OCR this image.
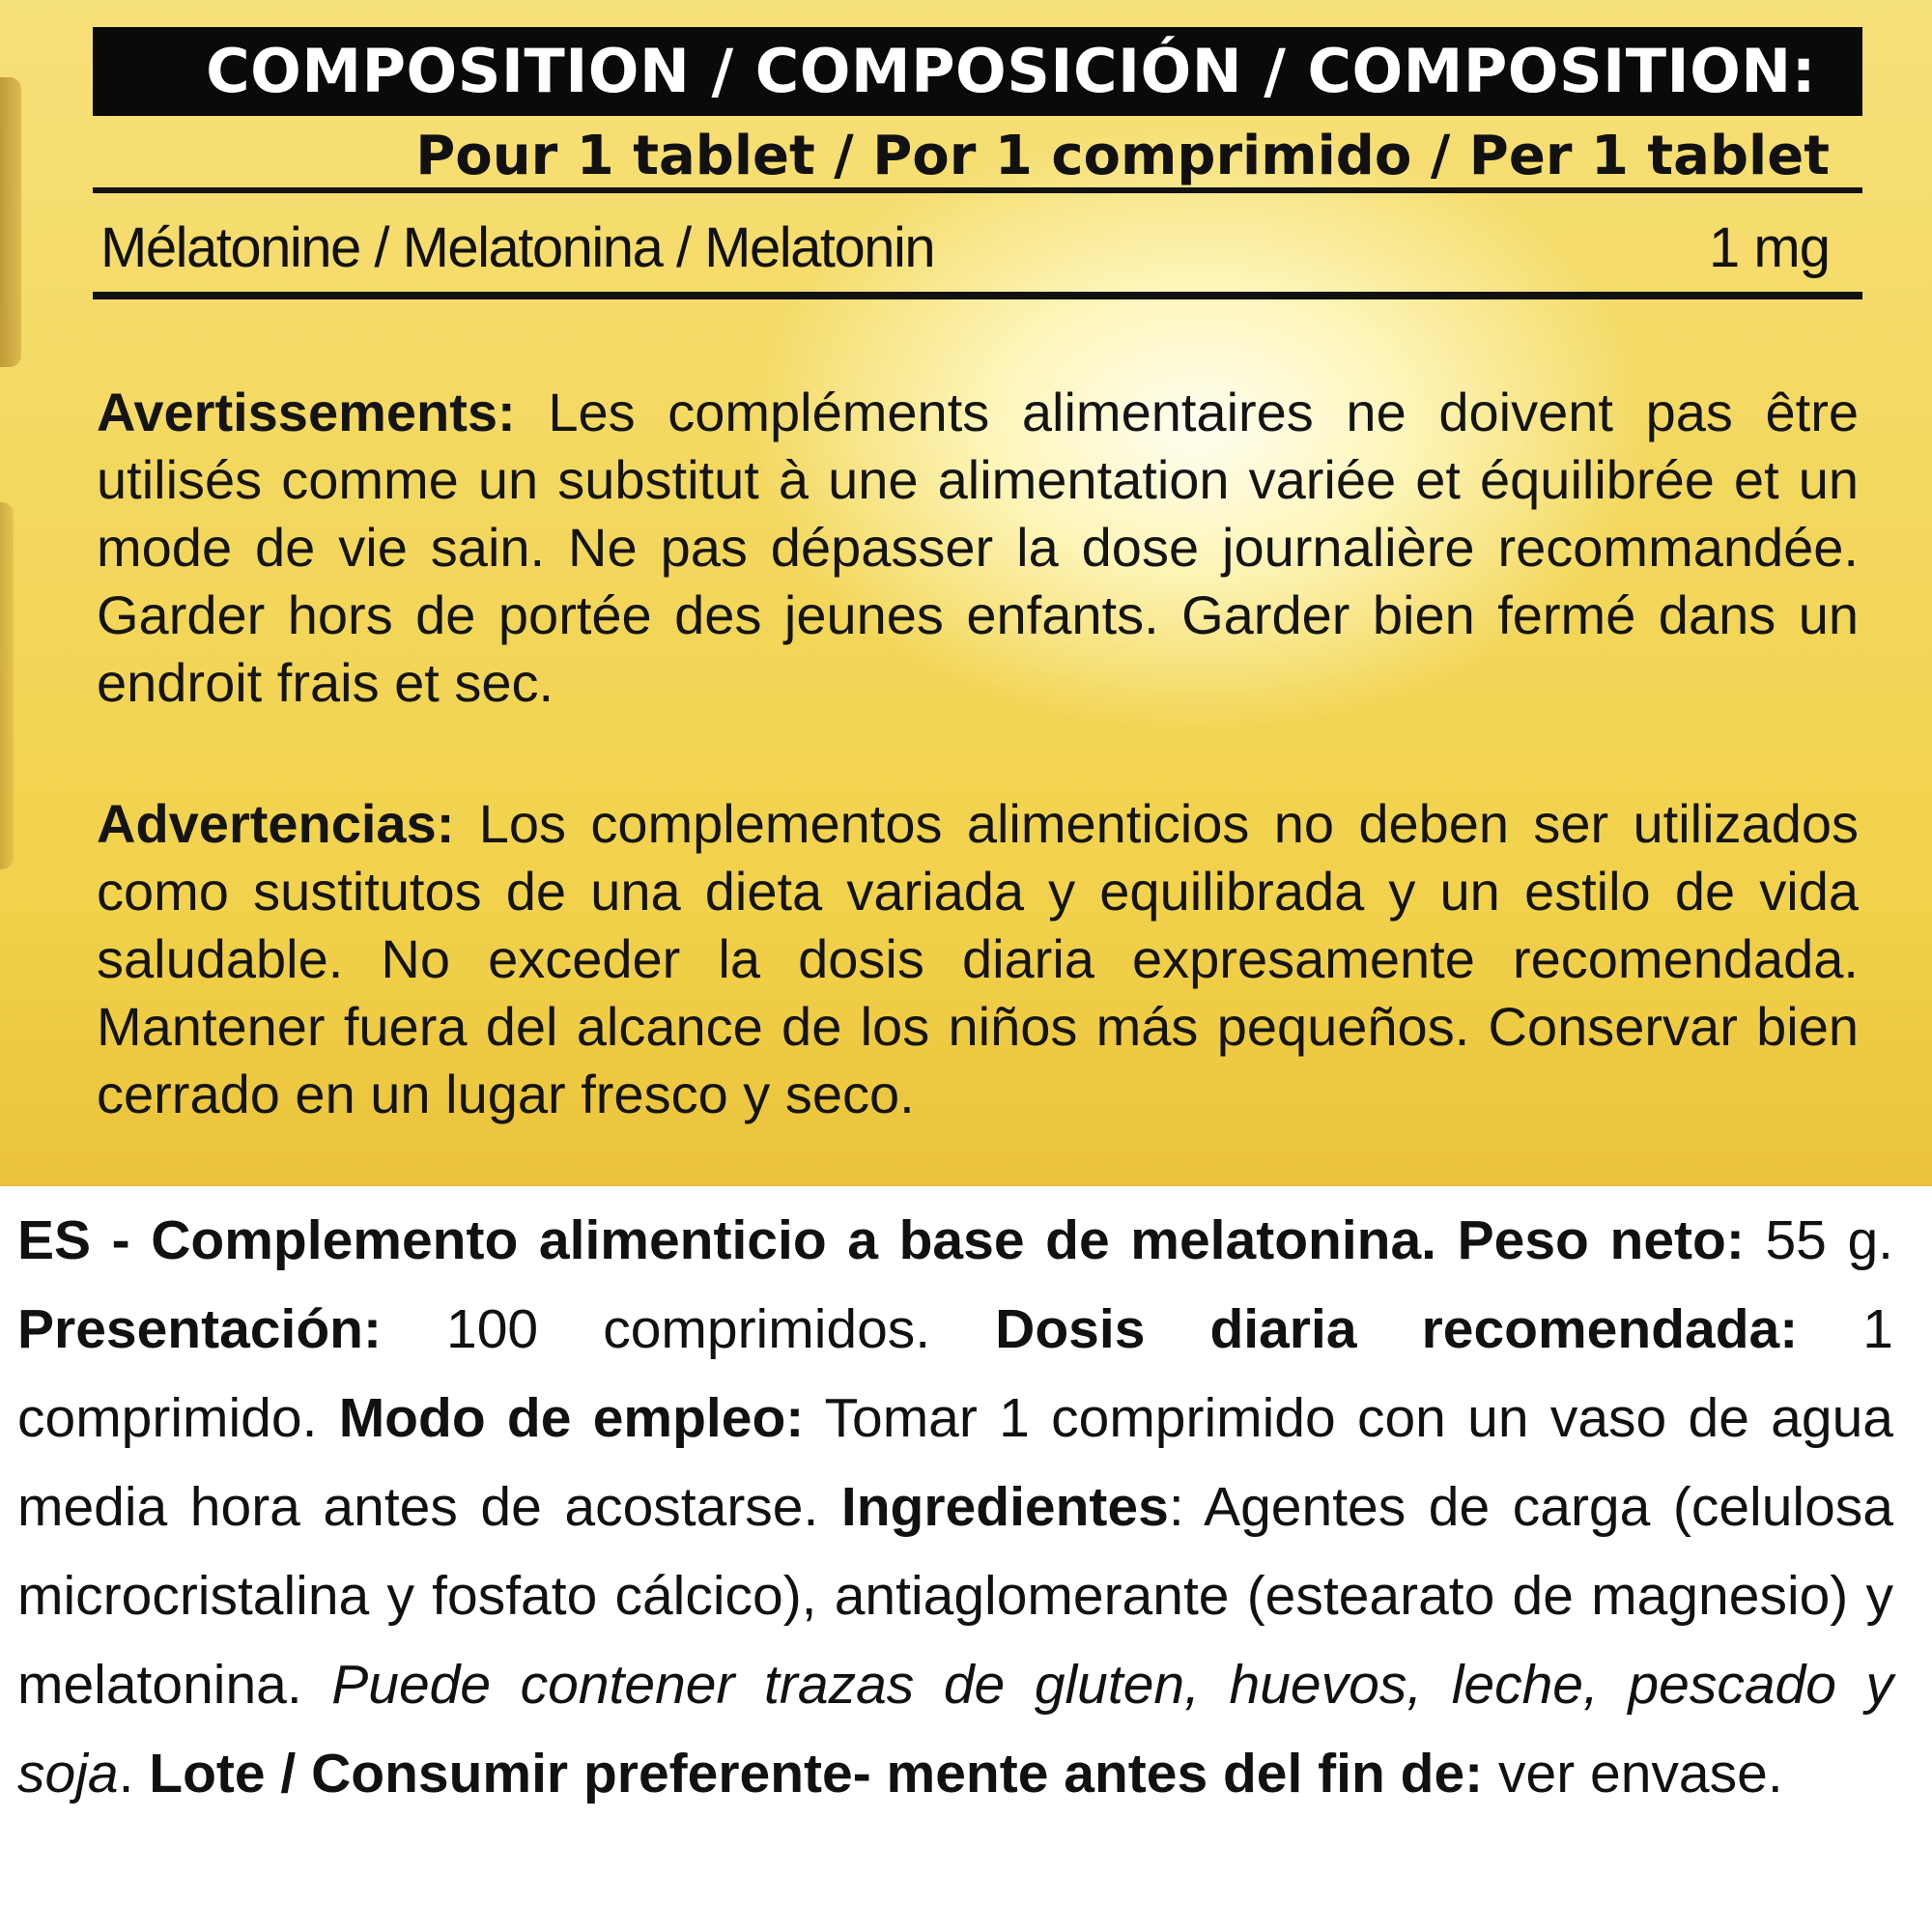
COMPOSITION / COMPOSICIÓN / COMPOSITION:
Pour 1 tablet / Por 1 comprimido / Per 1 tablet
Mélatonine / Melatonina / Melatonin	1 mg
Avertissements: Les compléments alimentaires ne doivent pas être utilisés comme un substitut à une alimentation variée et équilibrée et un mode de vie sain. Ne pas dépasser la dose journalière recommandée. Garder hors de portée des jeunes enfants. Garder bien fermé dans un endroit frais et sec.
Advertencias: Los complementos alimenticios no deben ser utilizados como sustitutos de una dieta variada y equilibrada y un estilo de vida saludable. No exceder la dosis diaria expresamente recomendada. Mantener fuera del alcance de los niños más pequeños. Conservar bien cerrado en un lugar fresco y seco.
ES - Complemento alimenticio a base de melatonina. Peso neto: 55 g. Presentación: 100 comprimidos. Dosis diaria recomendada: 1 comprimido. Modo de empleo: Tomar 1 comprimido con un vaso de agua media hora antes de acostarse. Ingredientes: Agentes de carga (celulosa microcristalina y fosfato cálcico), antiaglomerante (estearato de magnesio) y melatonina. Puede contener trazas de gluten, huevos, leche, pescado y soja. Lote / Consumir preferente- mente antes del fin de: ver envase.
